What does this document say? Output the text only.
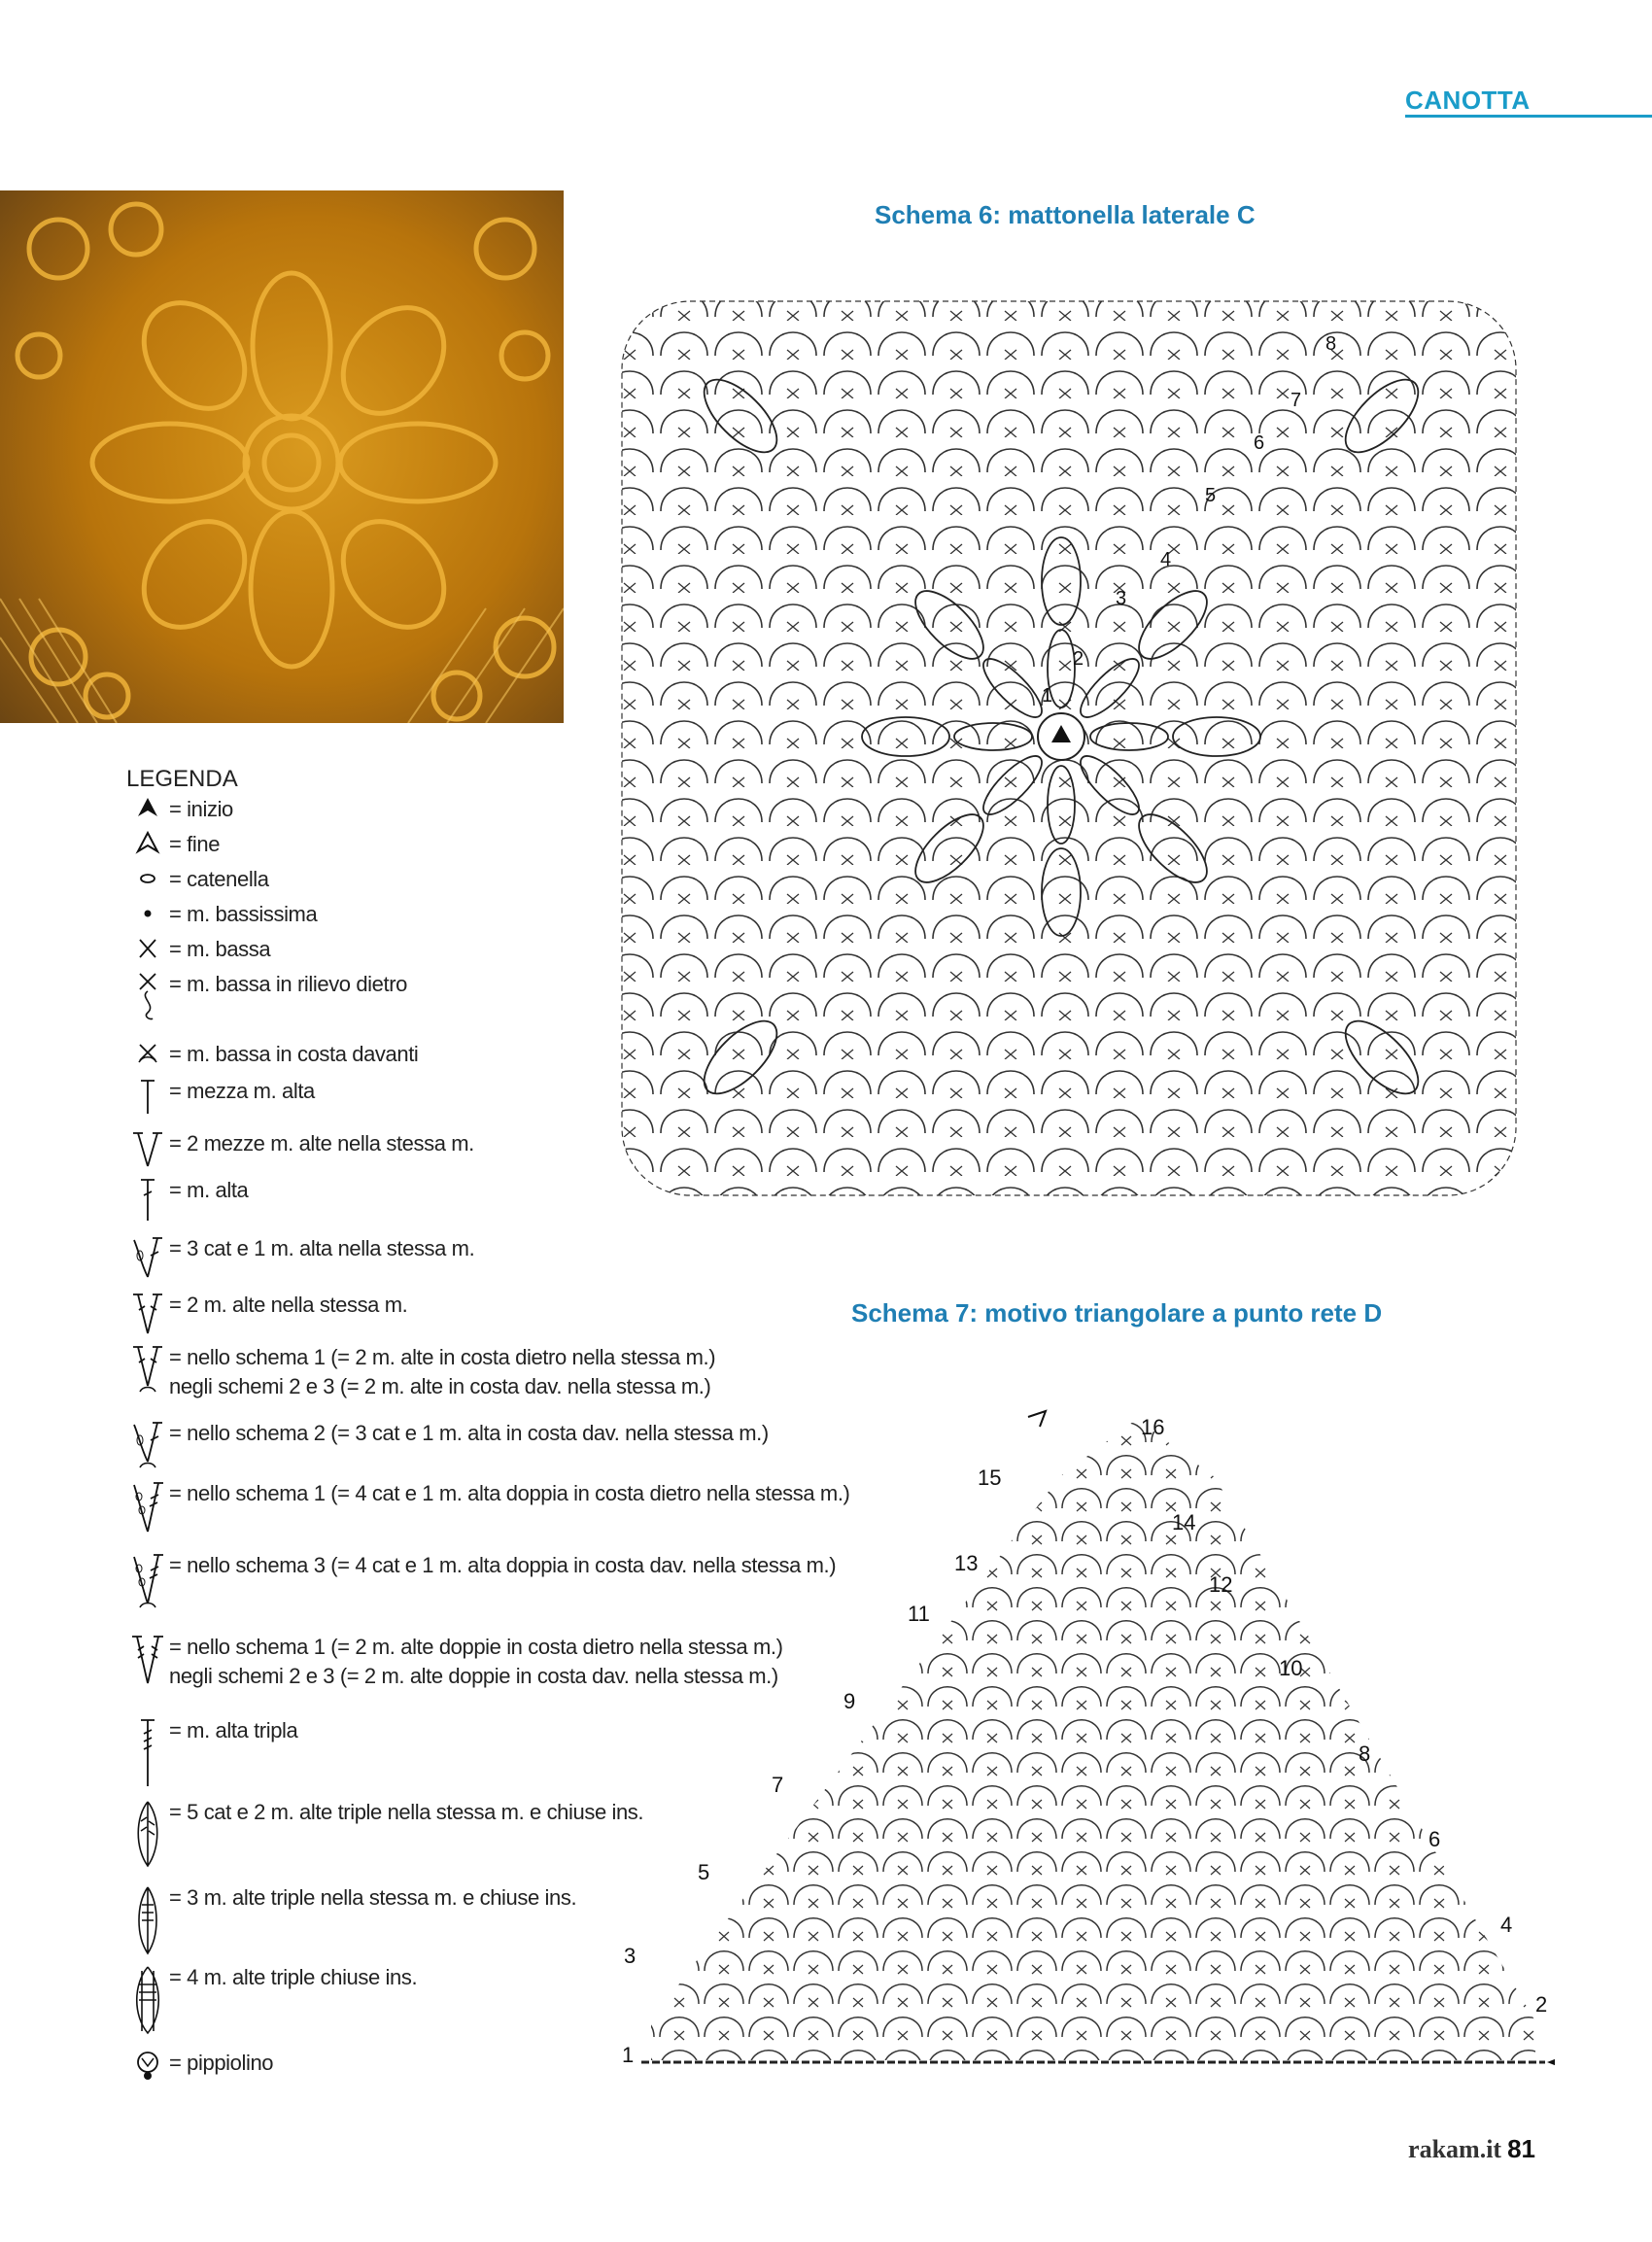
CANOTTA
Schema 6: mattonella laterale C
1
2
3
4
5
6
7
8
Schema 7: motivo triangolare a punto rete D
1
2
3
4
5
6
7
8
9
10
11
12
13
14
15
16
LEGENDA
= inizio
= fine
= catenella
= m. bassissima
= m. bassa
= m. bassa in rilievo dietro
= m. bassa in costa davanti
= mezza m. alta
= 2 mezze m. alte nella stessa m.
= m. alta
= 3 cat e 1 m. alta nella stessa m.
= 2 m. alte nella stessa m.
= nello schema 1 (= 2 m. alte in costa dietro nella stessa m.)
negli schemi 2 e 3 (= 2 m. alte in costa dav. nella stessa m.)
= nello schema 2 (= 3 cat e 1 m. alta in costa dav. nella stessa m.)
= nello schema 1 (= 4 cat e 1 m. alta doppia in costa dietro nella stessa m.)
= nello schema 3 (= 4 cat e 1 m. alta doppia in costa dav. nella stessa m.)
= nello schema 1 (= 2 m. alte doppie in costa dietro nella stessa m.)
negli schemi 2 e 3 (= 2 m. alte doppie in costa dav. nella stessa m.)
= m. alta tripla
= 5 cat e 2 m. alte triple nella stessa m. e chiuse ins.
= 3 m. alte triple nella stessa m. e chiuse ins.
= 4 m. alte triple chiuse ins.
= pippiolino
rakam.it 81
